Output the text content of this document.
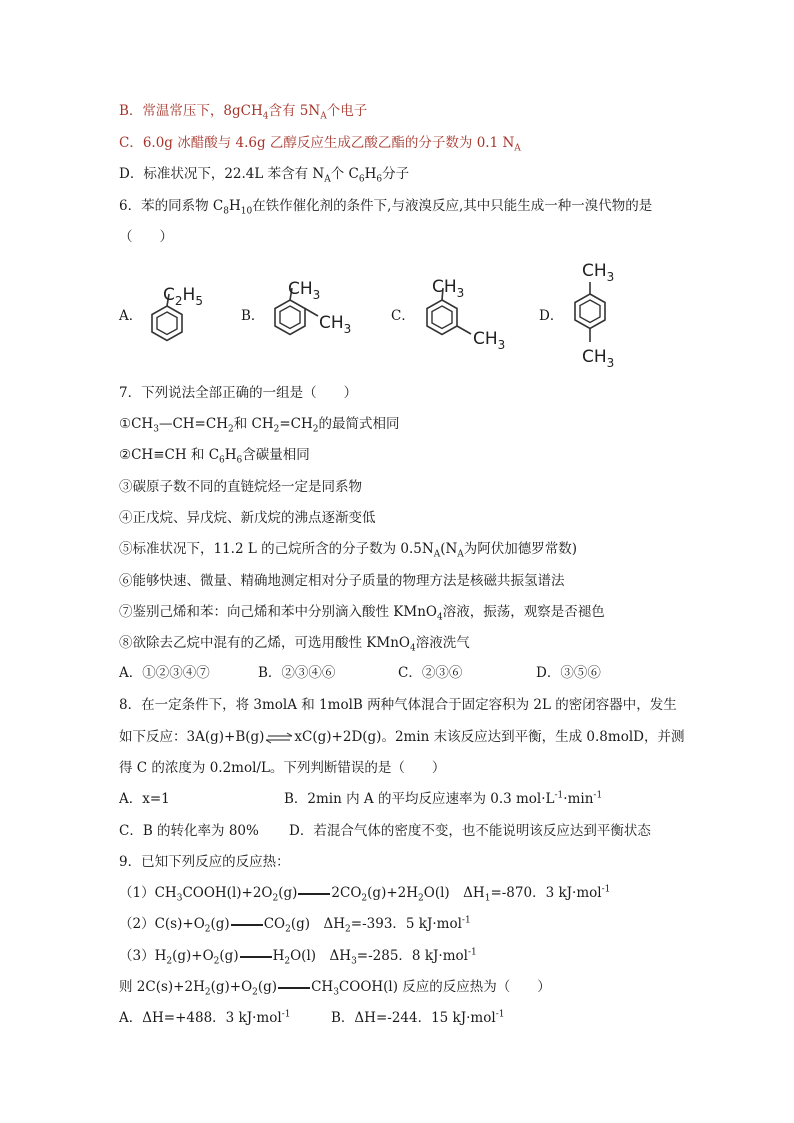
B．常温常压下，8gCH$_4$含有 $5N_A$个电子
C．6.0g 冰醋酸与 4.6g 乙醇反应生成乙酸乙酯的分子数为 0.1 $N_A$
D．标准状况下，22.4L 苯含有 $N_A$个 $C_6H_6$分子
6．苯的同系物 $C_8H_{10}$在铁作催化剂的条件下,与液溴反应,其中只能生成一种一溴代物的是
（　　）
A．
$C_2H_5$
B．
$CH_3$
$CH_3$
C．
$CH_3$
$CH_3$
D．
$CH_3$
$CH_3$
7．下列说法全部正确的一组是（　　）
$①CH_3—CH=CH_2$和 $CH_2=CH_2$的最简式相同
②CH≡CH 和 $C_6H_6$含碳量相同
③碳原子数不同的直链烷烃一定是同系物
④正戊烷、异戊烷、新戊烷的沸点逐渐变低
⑤标准状况下，11.2 L 的己烷所含的分子数为 $0.5N_A(N_A$为阿伏加德罗常数)
⑥能够快速、微量、精确地测定相对分子质量的物理方法是核磁共振氢谱法
⑦鉴别己烯和苯：向己烯和苯中分别滴入酸性 KMnO$_4$溶液，振荡，观察是否褪色
⑧欲除去乙烷中混有的乙烯，可选用酸性 KMnO$_4$溶液洗气
A．①②③④⑦	B．②③④⑥	C．②③⑥	D．③⑤⑥
8．在一定条件下，将 3molA 和 1molB 两种气体混合于固定容积为 2L 的密闭容器中，发生
如下反应：3A(g)+B(g)⇌xC(g)+2D(g)。2min 末该反应达到平衡，生成 0.8molD，并测
得 C 的浓度为 0.2mol/L。下列判断错误的是（　　）
A．x=1	B．2min 内 A 的平均反应速率为 0.3 $mol\cdot L^{-1}\cdot\min^{-1}$
C．B 的转化率为 80% D．若混合气体的密度不变，也不能说明该反应达到平衡状态
9．已知下列反应的反应热：
$(1)CH_3COOH(l)+2O_2(g)$	$2CO_2(g)+2H_2O(l)$　$\Delta H_1=-870$．3 kJ·mol$^{-1}$
$(2)C(s)+O_2(g)$	$CO_2(g)$　$\Delta H_2=-393$．5 kJ·mol$^{-1}$
$(3)H_2(g)+O_2(g)$	$H_2O(l)$　$\Delta H_3=-285$．8 kJ·mol$^{-1}$
则 $2C(s)+2H_2(g)+O_2(g)$	$CH_3COOH(l)$ 反应的反应热为（　　）
A．ΔH=+488．3 kJ·mol$^{-1}$	B．ΔH=-244．15 kJ·mol$^{-1}$
